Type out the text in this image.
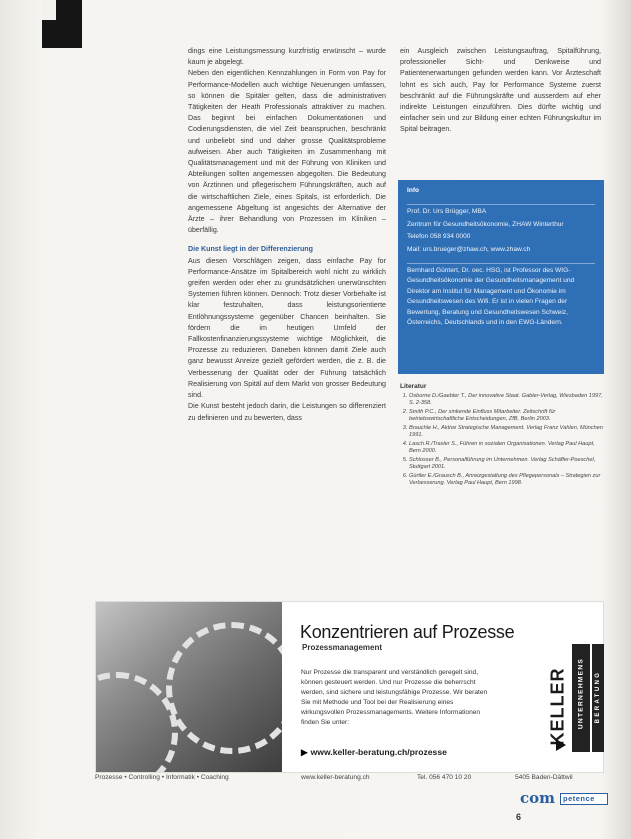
dings eine Leistungsmessung kurzfristig erwünscht – wurde kaum je abgelegt.

Neben den eigentlichen Kennzahlungen in Form von Pay for Performance-Modellen auch wichtige Neuerungen umfassen, so können die Spitäler gelten, dass die administrativen Tätigkeiten der Heath Professionals attraktiver zu machen. Das beginnt bei einfachen Dokumentationen und Codierungsdiensten, die viel Zeit beanspruchen, beschränkt und unbeliebt sind und daher grosse Qualitätsprobleme aufweisen. Aber auch Tätigkeiten im Zusammenhang mit Qualitätsmanagement und mit der Führung von Kliniken und Abteilungen sollten angemessen abgegolten. Die Bedeutung von Ärztinnen und pflegerischem Führungskräften, auch auf die wirtschaftlichen Ziele, eines Spitals, ist erforderlich. Die angemessene Abgeltung ist angesichts der Alternative der Ärzte – ihrer Behandlung von Prozessen im Kliniken – überfällig.

Die Kunst liegt in der Differenzierung

Aus diesen Vorschlägen zeigen, dass einfache Pay for Performance-Ansätze im Spitalbereich wohl nicht zu wirklich greifen werden oder eher zu grundsätzlichen unerwünschten Systemen führen können. Dennoch: Trotz dieser Vorbehalte ist klar festzuhalten, dass leistungsorientierte Entlöhnungssysteme gegenüber Chancen beinhalten. Sie fördern die im heutigen Umfeld der Fallkostenfinanzierungssysteme wichtige Möglichkeit, die Prozesse zu reduzieren. Daneben können damit Ziele auch ganz bewusst Anreize gezielt gefördert werden, die z. B. die Verbesserung der Qualität oder der Führung tatsächlich Realisierung von Spitäl auf dem Markt von grosser Bedeutung sind.

Die Kunst besteht jedoch darin, die Leistungen so differenziert zu definieren und zu bewerten, dass

ein Ausgleich zwischen Leistungsauftrag, Spitalführung, professioneller Sicht- und Denkweise und Patientenerwartungen gefunden werden kann. Vor Ärzteschaft lohnt es sich auch, Pay for Performance Systeme zuerst beschränkt auf die Führungskräfte und ausserdem auf eher indirekte Leistungen einzuführen. Dies dürfte wichtig und einfacher sein und zur Bildung einer echten Führungskultur im Spital beitragen.

Info
Prof. Dr. Urs Brügger, MBA
Zentrum für Gesundheitsökonomie, ZHAW Winterthur
Telefon 058 934 0000
Mail: urs.brueger@zhaw.ch, www.zhaw.ch
Bernhard Güntert, Dr. oec. HSG, ist Professor des WIG-Gesundheitsökonomie der Gesundheitsmanagement und Direktor am Institut für Management und Ökonomie im Gesundheitswesen des Wifi. Er ist in vielen Fragen der Bewertung, Beratung und Gesundheitswesen Schweiz, Österreichs, Deutschlands und in den EWG-Ländern.
Literatur
1. Osborne D./Gaebler T., Der innovative Staat. Gabler-Verlag, Wiesbaden 1997, S. 2-358.
2. Smith P.C., Der sinkende Einfluss Mitarbeiter. Zeitschrift für betriebswirtschaftliche Entscheidungen, ZfB, Berlin 2003.
3. Brauchle H., Aktive Strategische Management. Verlag Franz Vahlen, München 1991.
4. Lasch R./Traxler S., Führen in sozialen Organisationen. Verlag Paul Haupt, Bern 2000.
5. Schlosser B., Personalführung im Unternehmen. Verlag Schäffer-Poeschel, Stuttgart 2001.
6. Gürtler E./Grausch B., Anreizgestaltung des Pflegepersonals – Strategien zur Verbesserung. Verlag Paul Haupt, Bern 1998.
Konzentrieren auf Prozesse
Prozessmanagement
Nur Prozesse die transparent und verständlich geregelt sind, können gesteuert werden. Und nur Prozesse die beherrscht werden, sind sichere und leistungsfähige Prozesse. Wir beraten Sie mit Methode und Tool bei der Realisierung eines wirkungsvollen Prozessmanagements. Weitere Informationen finden Sie unter:
▶ www.keller-beratung.ch/prozesse
KELLER UNTERNEHMENS BERATUNG
Prozesse • Controlling • Informatik • Coaching	www.keller-beratung.ch	Tel. 056 470 10 20	5405 Baden-Dättwil
com petence
6
